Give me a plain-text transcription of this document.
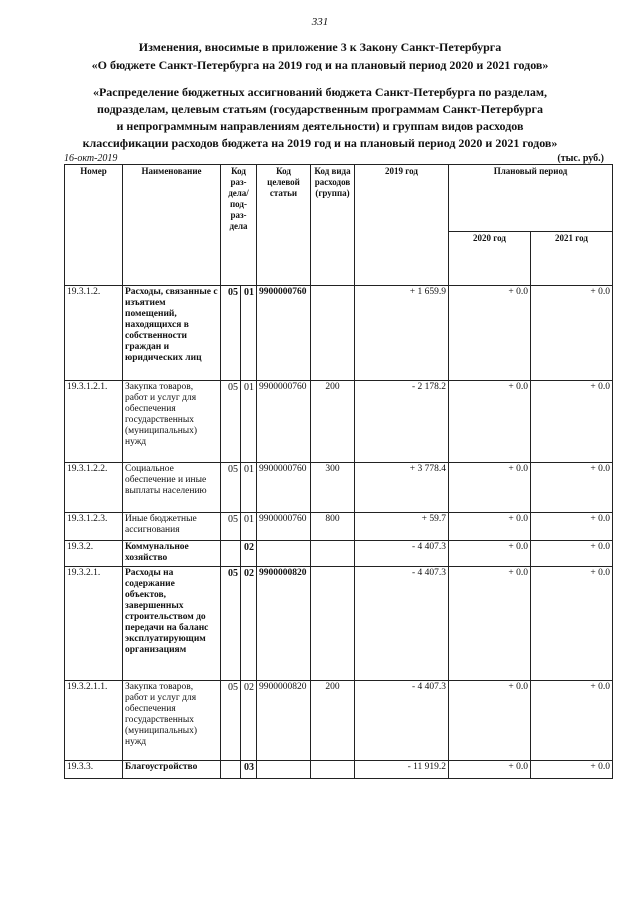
331
Изменения, вносимые в приложение 3 к Закону Санкт-Петербурга
«О бюджете Санкт-Петербурга на 2019 год и на плановый период 2020 и 2021 годов»
«Распределение бюджетных ассигнований бюджета Санкт-Петербурга по разделам,
подразделам, целевым статьям (государственным программам Санкт-Петербурга
и непрограммным направлениям деятельности) и группам видов расходов
классификации расходов бюджета на 2019 год и на плановый период 2020 и 2021 годов»
16-окт-2019	(тыс. руб.)
Номер	Наименование	Код раз- дела/ под- раз- дела		Код целевой статьи	Код вида расходов (группа)	2019 год	Плановый период	
							2020 год	2021 год
19.3.1.2.	Расходы, связанные с изъятием помещений, находящихся в собственности граждан и юридических лиц	05	01	9900000760		+ 1 659.9	+ 0.0	+ 0.0
19.3.1.2.1.	Закупка товаров, работ и услуг для обеспечения государственных (муниципальных) нужд	05	01	9900000760	200	- 2 178.2	+ 0.0	+ 0.0
19.3.1.2.2.	Социальное обеспечение и иные выплаты населению	05	01	9900000760	300	+ 3 778.4	+ 0.0	+ 0.0
19.3.1.2.3.	Иные бюджетные ассигнования	05	01	9900000760	800	+ 59.7	+ 0.0	+ 0.0
19.3.2.	Коммунальное хозяйство		02			- 4 407.3	+ 0.0	+ 0.0
19.3.2.1.	Расходы на содержание объектов, завершенных строительством до передачи на баланс эксплуатирующим организациям	05	02	9900000820		- 4 407.3	+ 0.0	+ 0.0
19.3.2.1.1.	Закупка товаров, работ и услуг для обеспечения государственных (муниципальных) нужд	05	02	9900000820	200	- 4 407.3	+ 0.0	+ 0.0
19.3.3.	Благоустройство		03			- 11 919.2	+ 0.0	+ 0.0
